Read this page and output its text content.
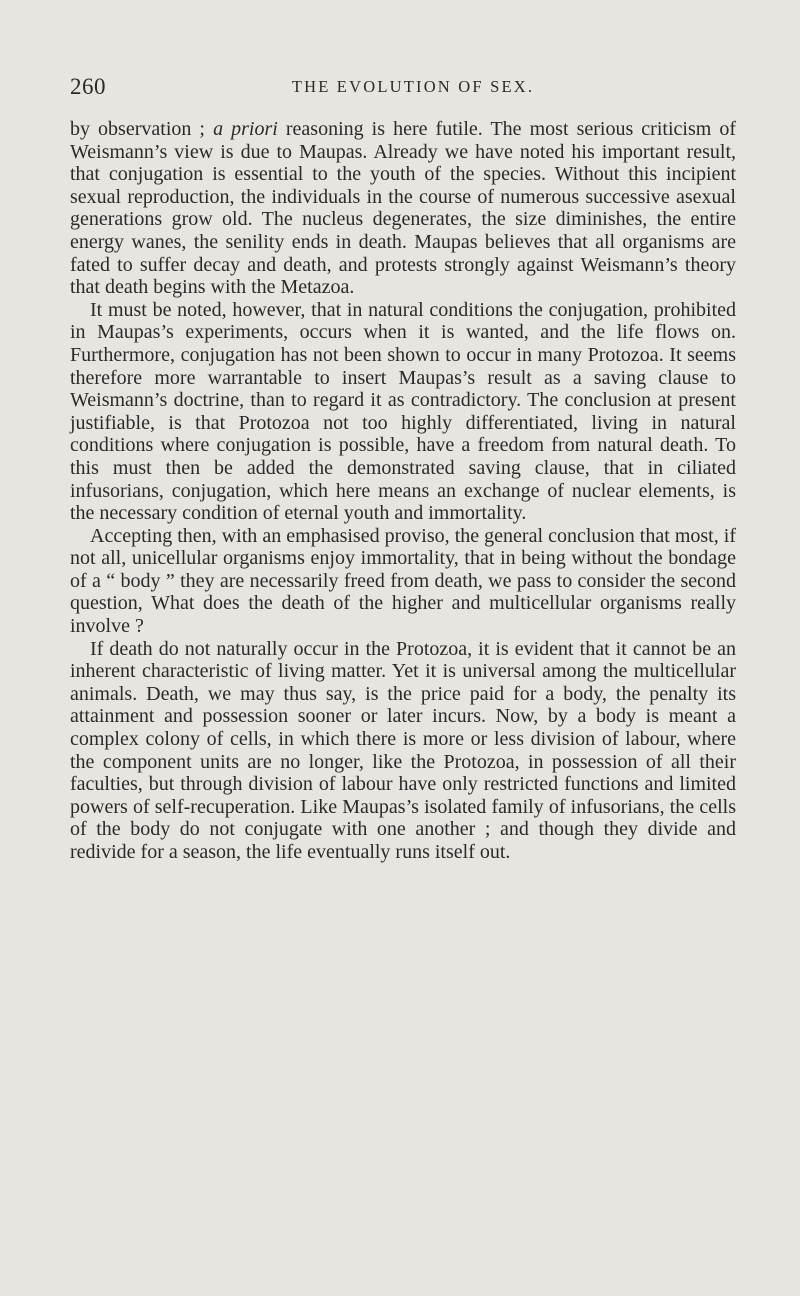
260	THE EVOLUTION OF SEX.

by observation ; a priori reasoning is here futile. The most serious criticism of Weismann’s view is due to Maupas. Already we have noted his important result, that conjugation is essential to the youth of the species. Without this incipient sexual reproduction, the individuals in the course of numerous successive asexual generations grow old. The nucleus degenerates, the size diminishes, the entire energy wanes, the senility ends in death. Maupas believes that all organisms are fated to suffer decay and death, and protests strongly against Weismann’s theory that death begins with the Metazoa.

It must be noted, however, that in natural conditions the conjugation, prohibited in Maupas’s experiments, occurs when it is wanted, and the life flows on. Furthermore, conjugation has not been shown to occur in many Protozoa. It seems therefore more warrantable to insert Maupas’s result as a saving clause to Weismann’s doctrine, than to regard it as contradictory. The conclusion at present justifiable, is that Protozoa not too highly differentiated, living in natural conditions where conjugation is possible, have a freedom from natural death. To this must then be added the demonstrated saving clause, that in ciliated infusorians, conjugation, which here means an exchange of nuclear elements, is the necessary condition of eternal youth and immortality.

Accepting then, with an emphasised proviso, the general conclusion that most, if not all, unicellular organisms enjoy immortality, that in being without the bondage of a “ body ” they are necessarily freed from death, we pass to consider the second question, What does the death of the higher and multicellular organisms really involve ?

If death do not naturally occur in the Protozoa, it is evident that it cannot be an inherent characteristic of living matter. Yet it is universal among the multicellular animals. Death, we may thus say, is the price paid for a body, the penalty its attainment and possession sooner or later incurs. Now, by a body is meant a complex colony of cells, in which there is more or less division of labour, where the component units are no longer, like the Protozoa, in possession of all their faculties, but through division of labour have only restricted functions and limited powers of self-recuperation. Like Maupas’s isolated family of infusorians, the cells of the body do not conjugate with one another ; and though they divide and redivide for a season, the life eventually runs itself out.
